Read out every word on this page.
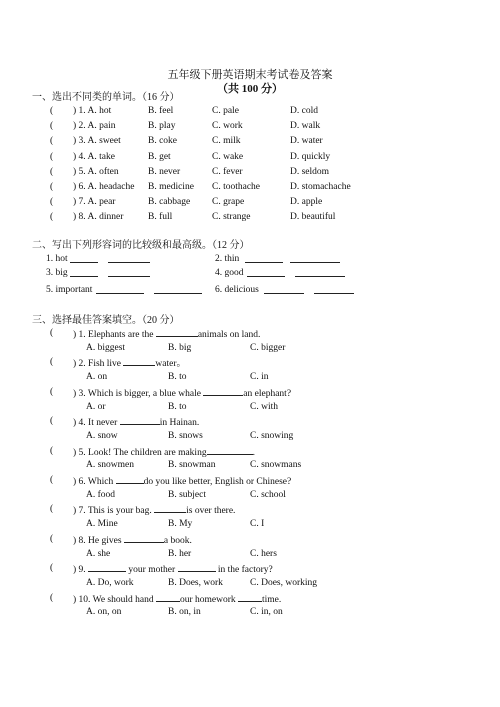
五年级下册英语期末考试卷及答案
（共 100 分）
一、选出不同类的单词。（16 分）
( ) 1. A. hot	B. feel	C. pale	D. cold
( ) 2. A. pain	B. play	C. work	D. walk
( ) 3. A. sweet	B. coke	C. milk	D. water
( ) 4. A. take	B. get	C. wake	D. quickly
( ) 5. A. often	B. never	C. fever	D. seldom
( ) 6. A. headache B. medicine C. toothache	D. stomachache
( ) 7. A. pear	B. cabbage C. grape	D. apple
( ) 8. A. dinner	B. full	C. strange	D. beautiful
二、写出下列形容词的比较级和最高级。（12 分）
1. hot	2. thin
3. big	4. good
5. important	6. delicious
三、选择最佳答案填空。（20 分）
( ) 1. Elephants are the	animals on land.
A. biggest	B. big	C. bigger
( ) 2. Fish live	water。
A. on	B. to	C. in
( ) 3. Which is bigger, a blue whale	an elephant?
A. or	B. to	C. with
( ) 4. It never	in Hainan.
A. snow	B. snows	C. snowing
( ) 5. Look! The children are making	.
A. snowmen	B. snowman	C. snowmans
( ) 6. Which	do you like better, English or Chinese?
A. food	B. subject	C. school
( ) 7. This is your bag.	is over there.
A. Mine	B. My	C. I
( ) 8. He gives	a book.
A. she	B. her	C. hers
( ) 9.	your mother	in the factory?
A. Do, work	B. Does, work	C. Does, working
( ) 10. We should hand	our homework	time.
A. on, on	B. on, in	C. in, on
